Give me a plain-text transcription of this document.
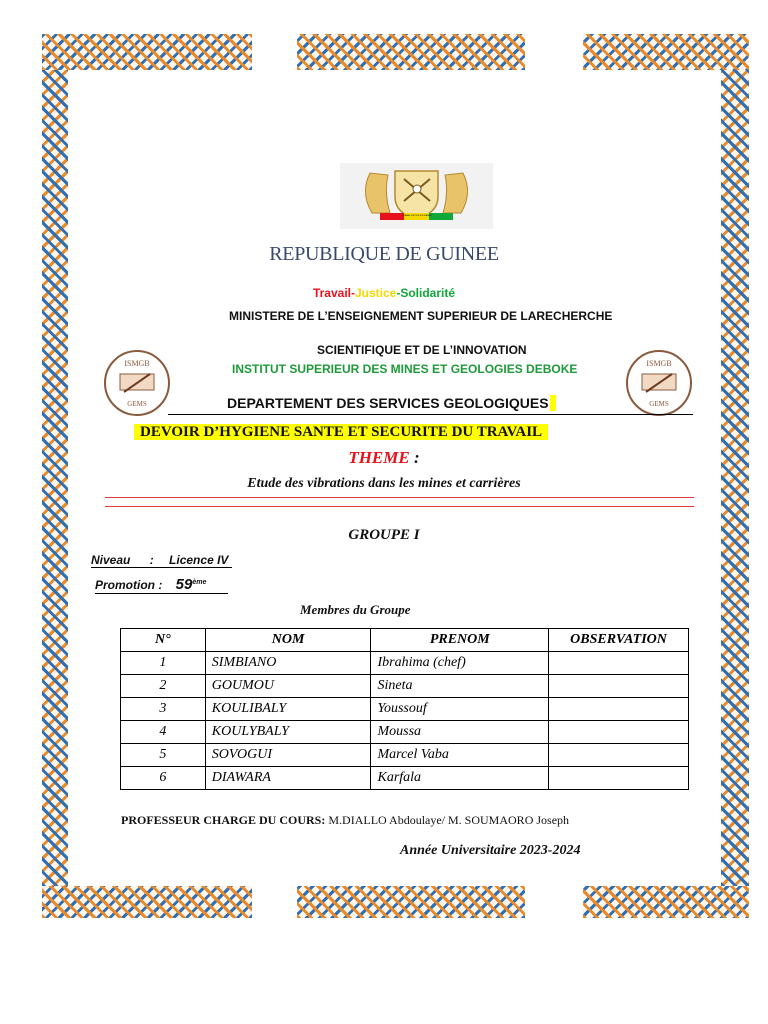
TRAVAIL JUSTICE SOLIDARITE
REPUBLIQUE DE GUINEE
Travail-Justice-Solidarité
MINISTERE DE L’ENSEIGNEMENT SUPERIEUR DE LARECHERCHE
SCIENTIFIQUE ET DE L’INNOVATION
INSTITUT SUPERIEUR DES MINES ET GEOLOGIES DEBOKE
ISMGB
GEMS
ISMGB
GEMS
DEPARTEMENT DES SERVICES GEOLOGIQUES
DEVOIR D’HYGIENE SANTE ET SECURITE DU TRAVAIL
THEME :
Etude des vibrations dans les mines et carrières
GROUPE I
Niveau : Licence IV
Promotion : 59ème
Membres du Groupe
N°	NOM	PRENOM	OBSERVATION
1	SIMBIANO	Ibrahima (chef)	
2	GOUMOU	Sineta	
3	KOULIBALY	Youssouf	
4	KOULYBALY	Moussa	
5	SOVOGUI	Marcel Vaba	
6	DIAWARA	Karfala	
PROFESSEUR CHARGE DU COURS: M.DIALLO Abdoulaye/ M. SOUMAORO Joseph
Année Universitaire 2023-2024
